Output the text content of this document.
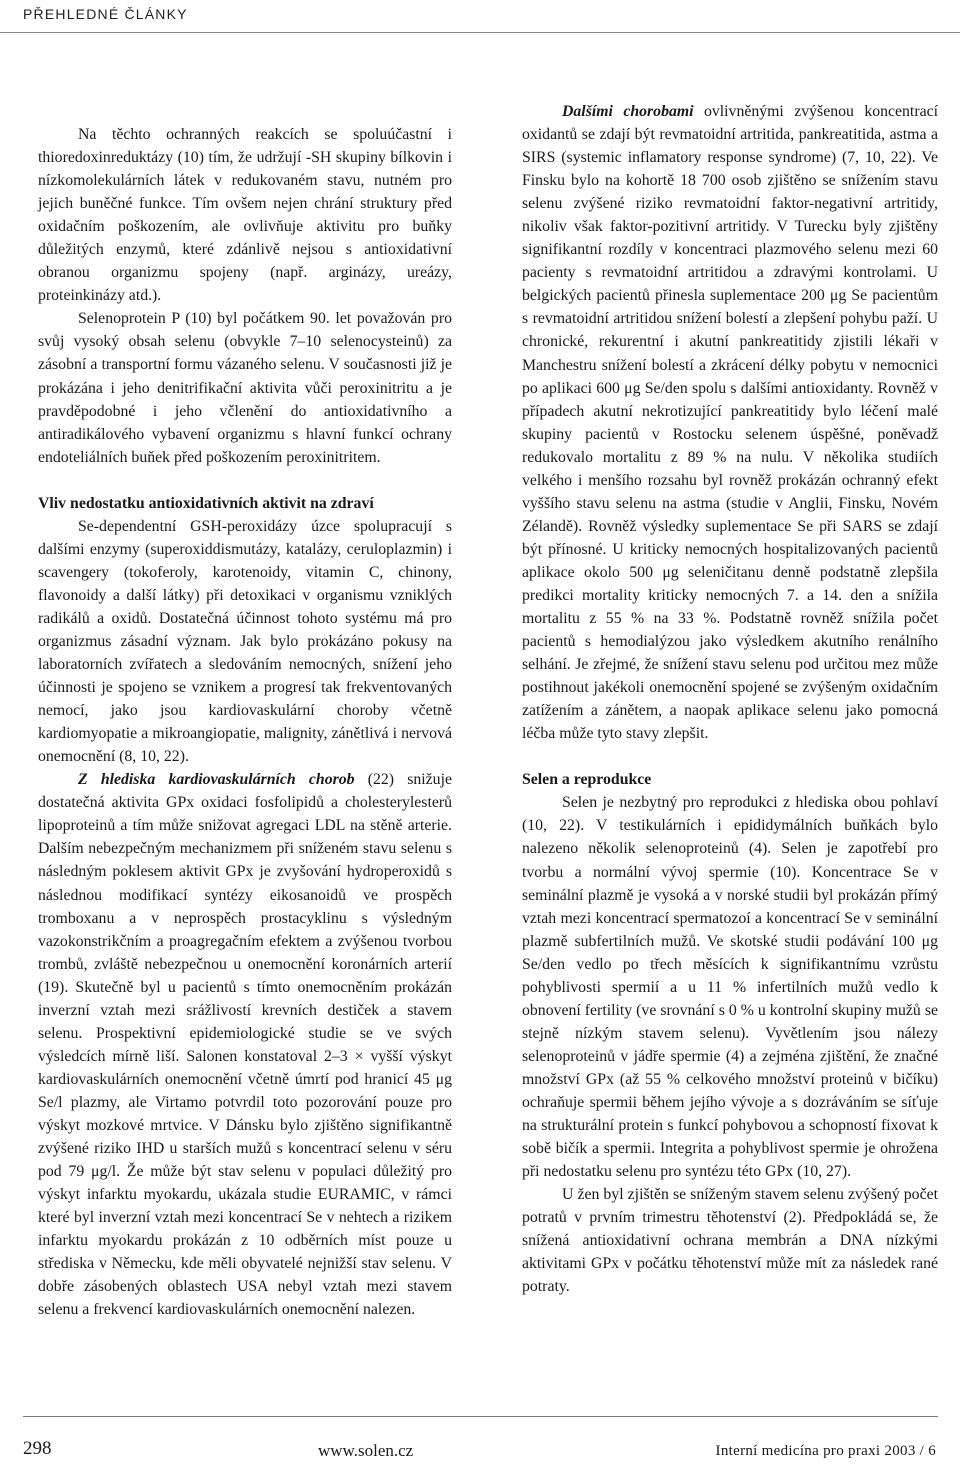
PŘEHLEDNÉ ČLÁNKY

Na těchto ochranných reakcích se spoluúčastní i thioredoxinreduktázy (10) tím, že udržují -SH skupiny bílkovin i nízkomolekulárních látek v redukovaném stavu, nutném pro jejich buněčné funkce. Tím ovšem nejen chrání struktury před oxidačním poškozením, ale ovlivňuje aktivitu pro buňky důležitých enzymů, které zdánlivě nejsou s antioxidativní obranou organizmu spojeny (např. arginázy, ureázy, proteinkinázy atd.).

Selenoprotein P (10) byl počátkem 90. let považován pro svůj vysoký obsah selenu (obvykle 7–10 selenocysteinů) za zásobní a transportní formu vázaného selenu. V současnosti již je prokázána i jeho denitrifikační aktivita vůči peroxinitritu a je pravděpodobné i jeho včlenění do antioxidativního a antiradikálového vybavení organizmu s hlavní funkcí ochrany endoteliálních buňek před poškozením peroxinitritem.

Vliv nedostatku antioxidativních aktivit na zdraví

Se-dependentní GSH-peroxidázy úzce spolupracují s dalšími enzymy (superoxiddismutázy, katalázy, ceruloplazmin) i scavengery (tokoferoly, karotenoidy, vitamin C, chinony, flavonoidy a další látky) při detoxikaci v organismu vzniklých radikálů a oxidů. Dostatečná účinnost tohoto systému má pro organizmus zásadní význam. Jak bylo prokázáno pokusy na laboratorních zvířatech a sledováním nemocných, snížení jeho účinnosti je spojeno se vznikem a progresí tak frekventovaných nemocí, jako jsou kardiovaskulární choroby včetně kardiomyopatie a mikroangiopatie, malignity, zánětlivá i nervová onemocnění (8, 10, 22).

Z hlediska kardiovaskulárních chorob (22) snižuje dostatečná aktivita GPx oxidaci fosfolipidů a cholesterylesterů lipoproteinů a tím může snižovat agregaci LDL na stěně arterie. Dalším nebezpečným mechanizmem při sníženém stavu selenu s následným poklesem aktivit GPx je zvyšování hydroperoxidů s následnou modifikací syntézy eikosanoidů ve prospěch tromboxanu a v neprospěch prostacyklinu s výsledným vazokonstrikčním a proagregačním efektem a zvýšenou tvorbou trombů, zvláště nebezpečnou u onemocnění koronárních arterií (19). Skutečně byl u pacientů s tímto onemocněním prokázán inverzní vztah mezi srážlivostí krevních destiček a stavem selenu. Prospektivní epidemiologické studie se ve svých výsledcích mírně liší. Salonen konstatoval 2–3 × vyšší výskyt kardiovaskulárních onemocnění včetně úmrtí pod hranicí 45 μg Se/l plazmy, ale Virtamo potvrdil toto pozorování pouze pro výskyt mozkové mrtvice. V Dánsku bylo zjištěno signifikantně zvýšené riziko IHD u starších mužů s koncentrací selenu v séru pod 79 μg/l. Že může být stav selenu v populaci důležitý pro výskyt infarktu myokardu, ukázala studie EURAMIC, v rámci které byl inverzní vztah mezi koncentrací Se v nehtech a rizikem infarktu myokardu prokázán z 10 odběrních míst pouze u střediska v Německu, kde měli obyvatelé nejnižší stav selenu. V dobře zásobených oblastech USA nebyl vztah mezi stavem selenu a frekvencí kardiovaskulárních onemocnění nalezen.

Dalšími chorobami ovlivněnými zvýšenou koncentrací oxidantů se zdají být revmatoidní artritida, pankreatitida, astma a SIRS (systemic inflamatory response syndrome) (7, 10, 22). Ve Finsku bylo na kohortě 18 700 osob zjištěno se snížením stavu selenu zvýšené riziko revmatoidní faktor-negativní artritidy, nikoliv však faktor-pozitivní artritidy. V Turecku byly zjištěny signifikantní rozdíly v koncentraci plazmového selenu mezi 60 pacienty s revmatoidní artritidou a zdravými kontrolami. U belgických pacientů přinesla suplementace 200 μg Se pacientům s revmatoidní artritidou snížení bolestí a zlepšení pohybu paží. U chronické, rekurentní i akutní pankreatitidy zjistili lékaři v Manchestru snížení bolestí a zkrácení délky pobytu v nemocnici po aplikaci 600 μg Se/den spolu s dalšími antioxidanty. Rovněž v případech akutní nekrotizující pankreatitidy bylo léčení malé skupiny pacientů v Rostocku selenem úspěšné, poněvadž redukovalo mortalitu z 89 % na nulu. V několika studiích velkého i menšího rozsahu byl rovněž prokázán ochranný efekt vyššího stavu selenu na astma (studie v Anglii, Finsku, Novém Zélandě). Rovněž výsledky suplementace Se při SARS se zdají být přínosné. U kriticky nemocných hospitalizovaných pacientů aplikace okolo 500 μg seleničitanu denně podstatně zlepšila predikci mortality kriticky nemocných 7. a 14. den a snížila mortalitu z 55 % na 33 %. Podstatně rovněž snížila počet pacientů s hemodialýzou jako výsledkem akutního renálního selhání. Je zřejmé, že snížení stavu selenu pod určitou mez může postihnout jakékoli onemocnění spojené se zvýšeným oxidačním zatížením a zánětem, a naopak aplikace selenu jako pomocná léčba může tyto stavy zlepšit.

Selen a reprodukce

Selen je nezbytný pro reprodukci z hlediska obou pohlaví (10, 22). V testikulárních i epididymálních buňkách bylo nalezeno několik selenoproteinů (4). Selen je zapotřebí pro tvorbu a normální vývoj spermie (10). Koncentrace Se v seminální plazmě je vysoká a v norské studii byl prokázán přímý vztah mezi koncentrací spermatozoí a koncentrací Se v seminální plazmě subfertilních mužů. Ve skotské studii podávání 100 μg Se/den vedlo po třech měsících k signifikantnímu vzrůstu pohyblivosti spermií a u 11 % infertilních mužů vedlo k obnovení fertility (ve srovnání s 0 % u kontrolní skupiny mužů se stejně nízkým stavem selenu). Vyvětlením jsou nálezy selenoproteinů v jádře spermie (4) a zejména zjištění, že značné množství GPx (až 55 % celkového množství proteinů v bičíku) ochraňuje spermii během jejího vývoje a s dozráváním se síťuje na strukturální protein s funkcí pohybovou a schopností fixovat k sobě bičík a spermii. Integrita a pohyblivost spermie je ohrožena při nedostatku selenu pro syntézu této GPx (10, 27).

U žen byl zjištěn se sníženým stavem selenu zvýšený počet potratů v prvním trimestru těhotenství (2). Předpokládá se, že snížená antioxidativní ochrana membrán a DNA nízkými aktivitami GPx v počátku těhotenství může mít za následek rané potraty.

298	www.solen.cz	Interní medicína pro praxi 2003 / 6
